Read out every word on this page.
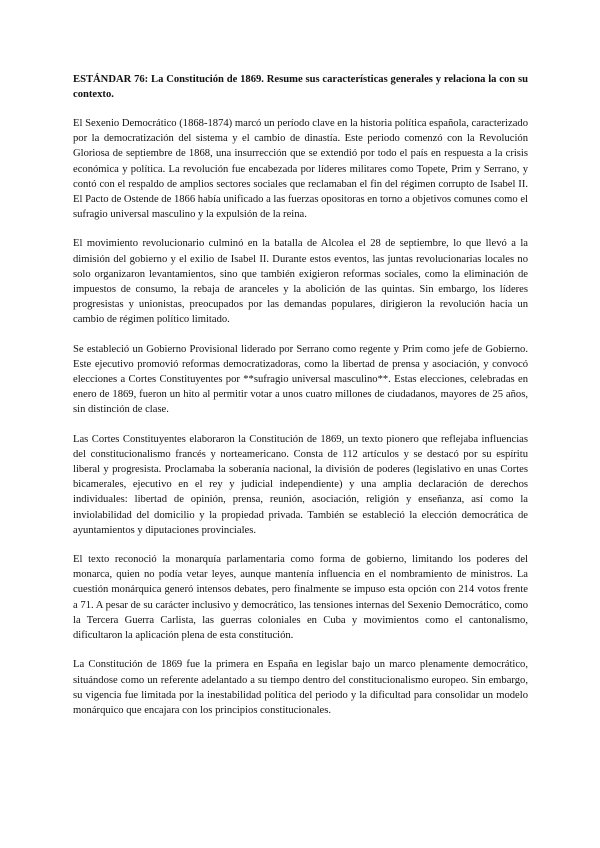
ESTÁNDAR 76: La Constitución de 1869. Resume sus características generales y relaciona la con su contexto.

El Sexenio Democrático (1868-1874) marcó un período clave en la historia política española, caracterizado por la democratización del sistema y el cambio de dinastía. Este periodo comenzó con la Revolución Gloriosa de septiembre de 1868, una insurrección que se extendió por todo el país en respuesta a la crisis económica y política. La revolución fue encabezada por líderes militares como Topete, Prim y Serrano, y contó con el respaldo de amplios sectores sociales que reclamaban el fin del régimen corrupto de Isabel II. El Pacto de Ostende de 1866 había unificado a las fuerzas opositoras en torno a objetivos comunes como el sufragio universal masculino y la expulsión de la reina.

El movimiento revolucionario culminó en la batalla de Alcolea el 28 de septiembre, lo que llevó a la dimisión del gobierno y el exilio de Isabel II. Durante estos eventos, las juntas revolucionarias locales no solo organizaron levantamientos, sino que también exigieron reformas sociales, como la eliminación de impuestos de consumo, la rebaja de aranceles y la abolición de las quintas. Sin embargo, los líderes progresistas y unionistas, preocupados por las demandas populares, dirigieron la revolución hacia un cambio de régimen político limitado.

Se estableció un Gobierno Provisional liderado por Serrano como regente y Prim como jefe de Gobierno. Este ejecutivo promovió reformas democratizadoras, como la libertad de prensa y asociación, y convocó elecciones a Cortes Constituyentes por **sufragio universal masculino**. Estas elecciones, celebradas en enero de 1869, fueron un hito al permitir votar a unos cuatro millones de ciudadanos, mayores de 25 años, sin distinción de clase.

Las Cortes Constituyentes elaboraron la Constitución de 1869, un texto pionero que reflejaba influencias del constitucionalismo francés y norteamericano. Consta de 112 artículos y se destacó por su espíritu liberal y progresista. Proclamaba la soberanía nacional, la división de poderes (legislativo en unas Cortes bicamerales, ejecutivo en el rey y judicial independiente) y una amplia declaración de derechos individuales: libertad de opinión, prensa, reunión, asociación, religión y enseñanza, así como la inviolabilidad del domicilio y la propiedad privada. También se estableció la elección democrática de ayuntamientos y diputaciones provinciales.

El texto reconoció la monarquía parlamentaria como forma de gobierno, limitando los poderes del monarca, quien no podía vetar leyes, aunque mantenía influencia en el nombramiento de ministros. La cuestión monárquica generó intensos debates, pero finalmente se impuso esta opción con 214 votos frente a 71. A pesar de su carácter inclusivo y democrático, las tensiones internas del Sexenio Democrático, como la Tercera Guerra Carlista, las guerras coloniales en Cuba y movimientos como el cantonalismo, dificultaron la aplicación plena de esta constitución.

La Constitución de 1869 fue la primera en España en legislar bajo un marco plenamente democrático, situándose como un referente adelantado a su tiempo dentro del constitucionalismo europeo. Sin embargo, su vigencia fue limitada por la inestabilidad política del periodo y la dificultad para consolidar un modelo monárquico que encajara con los principios constitucionales.
